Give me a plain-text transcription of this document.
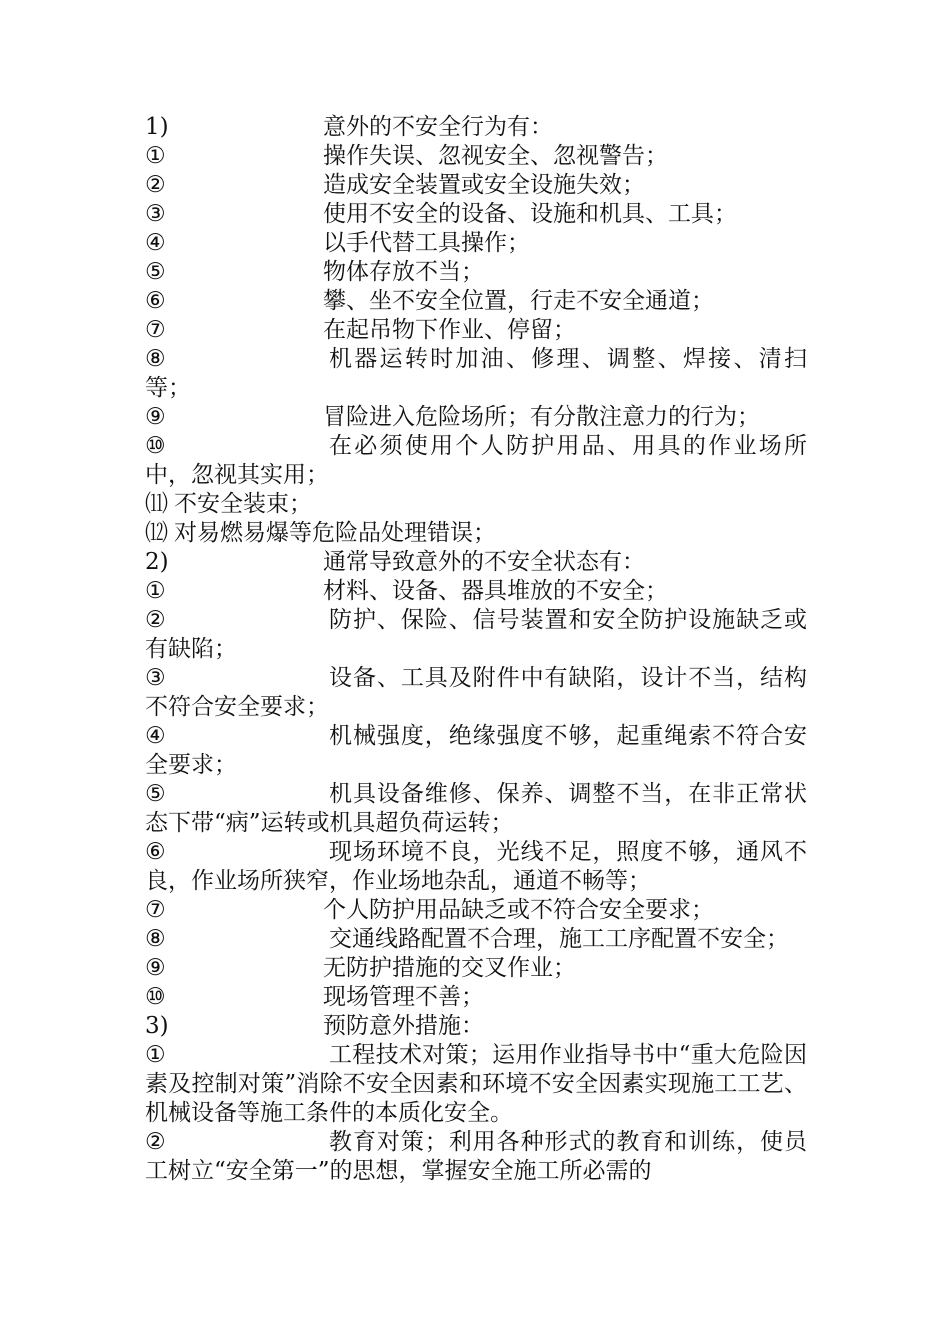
1)	意外的不安全行为有：
①	操作失误、忽视安全、忽视警告；
②	造成安全装置或安全设施失效；
③	使用不安全的设备、设施和机具、工具；
④	以手代替工具操作；
⑤	物体存放不当；
⑥	攀、坐不安全位置，行走不安全通道；
⑦	在起吊物下作业、停留；
⑧	机器运转时加油、修理、调整、焊接、清扫等；
⑨	冒险进入危险场所；有分散注意力的行为；
⑩	在必须使用个人防护用品、用具的作业场所中，忽视其实用；
⑾ 不安全装束；
⑿ 对易燃易爆等危险品处理错误；
2)	通常导致意外的不安全状态有：
①	材料、设备、器具堆放的不安全；
②	防护、保险、信号装置和安全防护设施缺乏或有缺陷；
③	设备、工具及附件中有缺陷，设计不当，结构不符合安全要求；
④	机械强度，绝缘强度不够，起重绳索不符合安全要求；
⑤	机具设备维修、保养、调整不当，在非正常状态下带“病”运转或机具超负荷运转；
⑥	现场环境不良，光线不足，照度不够，通风不良，作业场所狭窄，作业场地杂乱，通道不畅等；
⑦	个人防护用品缺乏或不符合安全要求；
⑧	交通线路配置不合理，施工工序配置不安全；
⑨	无防护措施的交叉作业；
⑩	现场管理不善；
3)	预防意外措施：
①	工程技术对策；运用作业指导书中“重大危险因素及控制对策”消除不安全因素和环境不安全因素实现施工工艺、机械设备等施工条件的本质化安全。
②	教育对策；利用各种形式的教育和训练，使员工树立“安全第一”的思想，掌握安全施工所必需的
